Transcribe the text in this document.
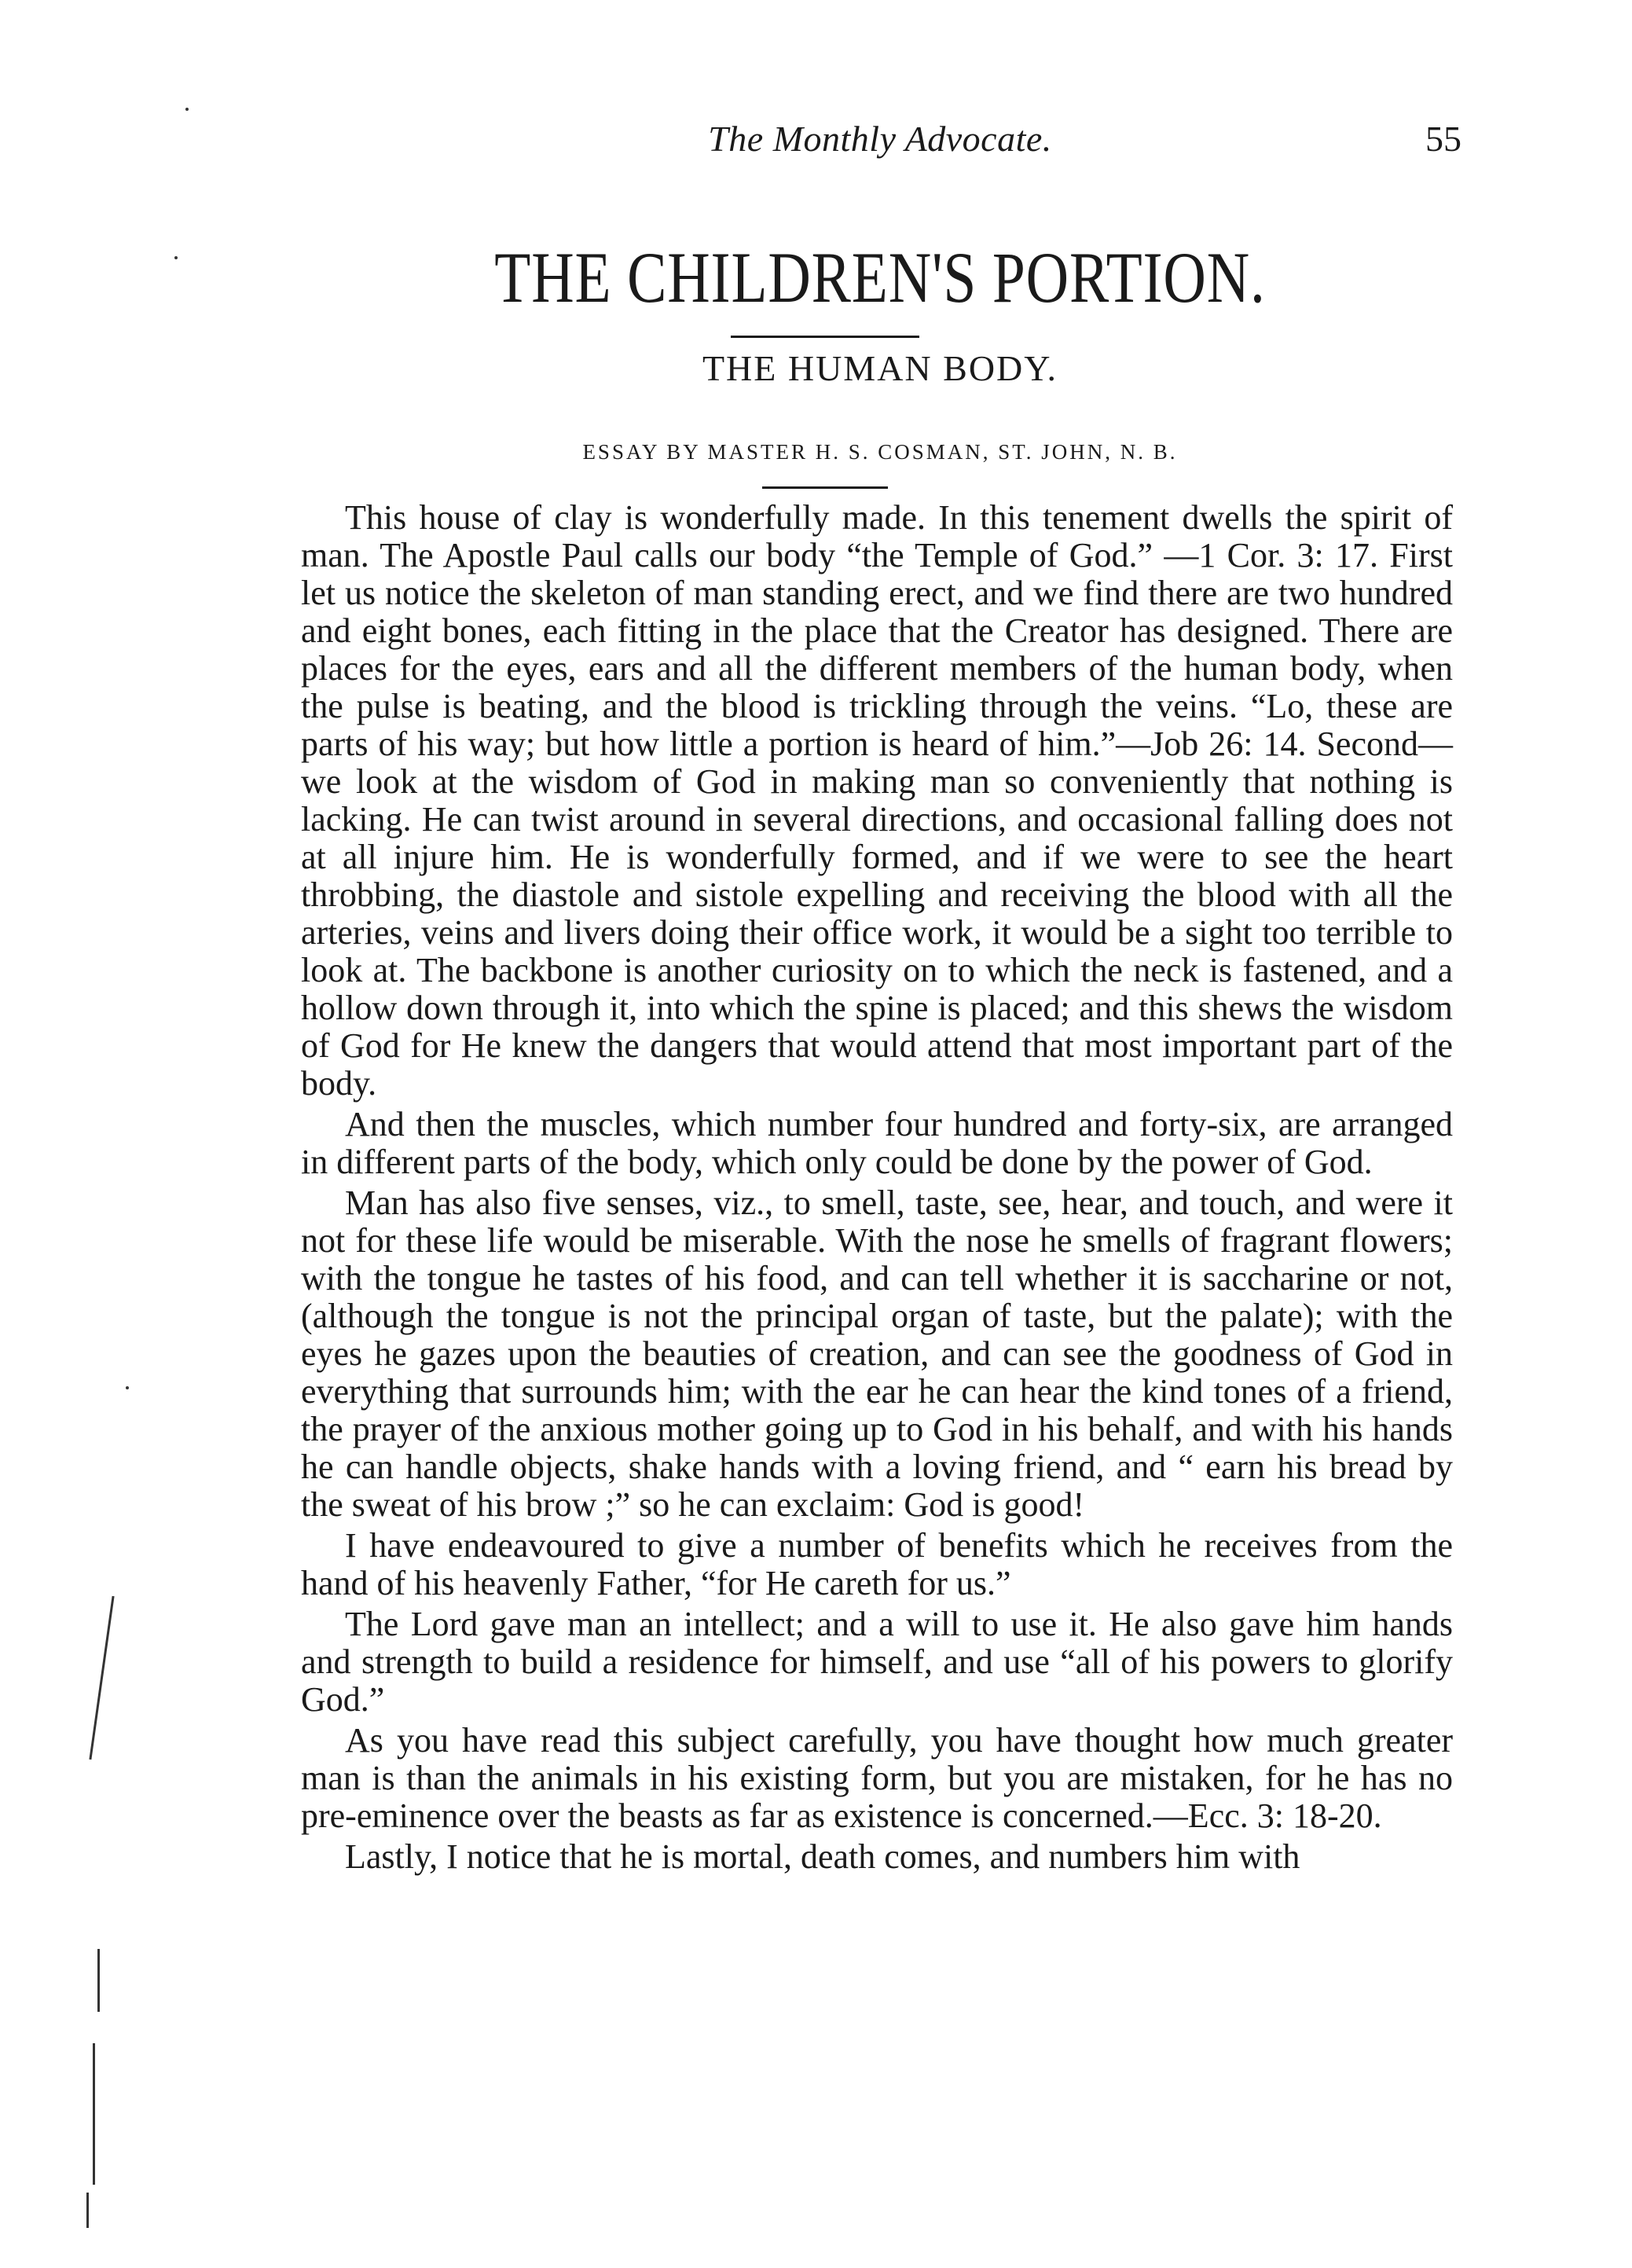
The Monthly Advocate.	55
THE CHILDREN'S PORTION.
THE HUMAN BODY.
ESSAY BY MASTER H. S. COSMAN, ST. JOHN, N. B.

This house of clay is wonderfully made. In this tenement dwells the spirit of man. The Apostle Paul calls our body “the Temple of God.” —1 Cor. 3: 17. First let us notice the skeleton of man standing erect, and we find there are two hundred and eight bones, each fitting in the place that the Creator has designed. There are places for the eyes, ears and all the different members of the human body, when the pulse is beating, and the blood is trickling through the veins. “Lo, these are parts of his way; but how little a portion is heard of him.”—Job 26: 14. Second—we look at the wisdom of God in making man so conveniently that nothing is lacking. He can twist around in several directions, and occasional falling does not at all injure him. He is wonderfully formed, and if we were to see the heart throbbing, the diastole and sistole expelling and receiving the blood with all the arteries, veins and livers doing their office work, it would be a sight too terrible to look at. The backbone is another curiosity on to which the neck is fastened, and a hollow down through it, into which the spine is placed; and this shews the wisdom of God for He knew the dangers that would attend that most important part of the body.

And then the muscles, which number four hundred and forty-six, are arranged in different parts of the body, which only could be done by the power of God.

Man has also five senses, viz., to smell, taste, see, hear, and touch, and were it not for these life would be miserable. With the nose he smells of fragrant flowers; with the tongue he tastes of his food, and can tell whether it is saccharine or not, (although the tongue is not the principal organ of taste, but the palate); with the eyes he gazes upon the beauties of creation, and can see the goodness of God in everything that surrounds him; with the ear he can hear the kind tones of a friend, the prayer of the anxious mother going up to God in his behalf, and with his hands he can handle objects, shake hands with a loving friend, and “ earn his bread by the sweat of his brow ;” so he can exclaim: God is good!

I have endeavoured to give a number of benefits which he receives from the hand of his heavenly Father, “for He careth for us.”

The Lord gave man an intellect; and a will to use it. He also gave him hands and strength to build a residence for himself, and use “all of his powers to glorify God.”

As you have read this subject carefully, you have thought how much greater man is than the animals in his existing form, but you are mistaken, for he has no pre-eminence over the beasts as far as existence is concerned.—Ecc. 3: 18-20.

Lastly, I notice that he is mortal, death comes, and numbers him with
